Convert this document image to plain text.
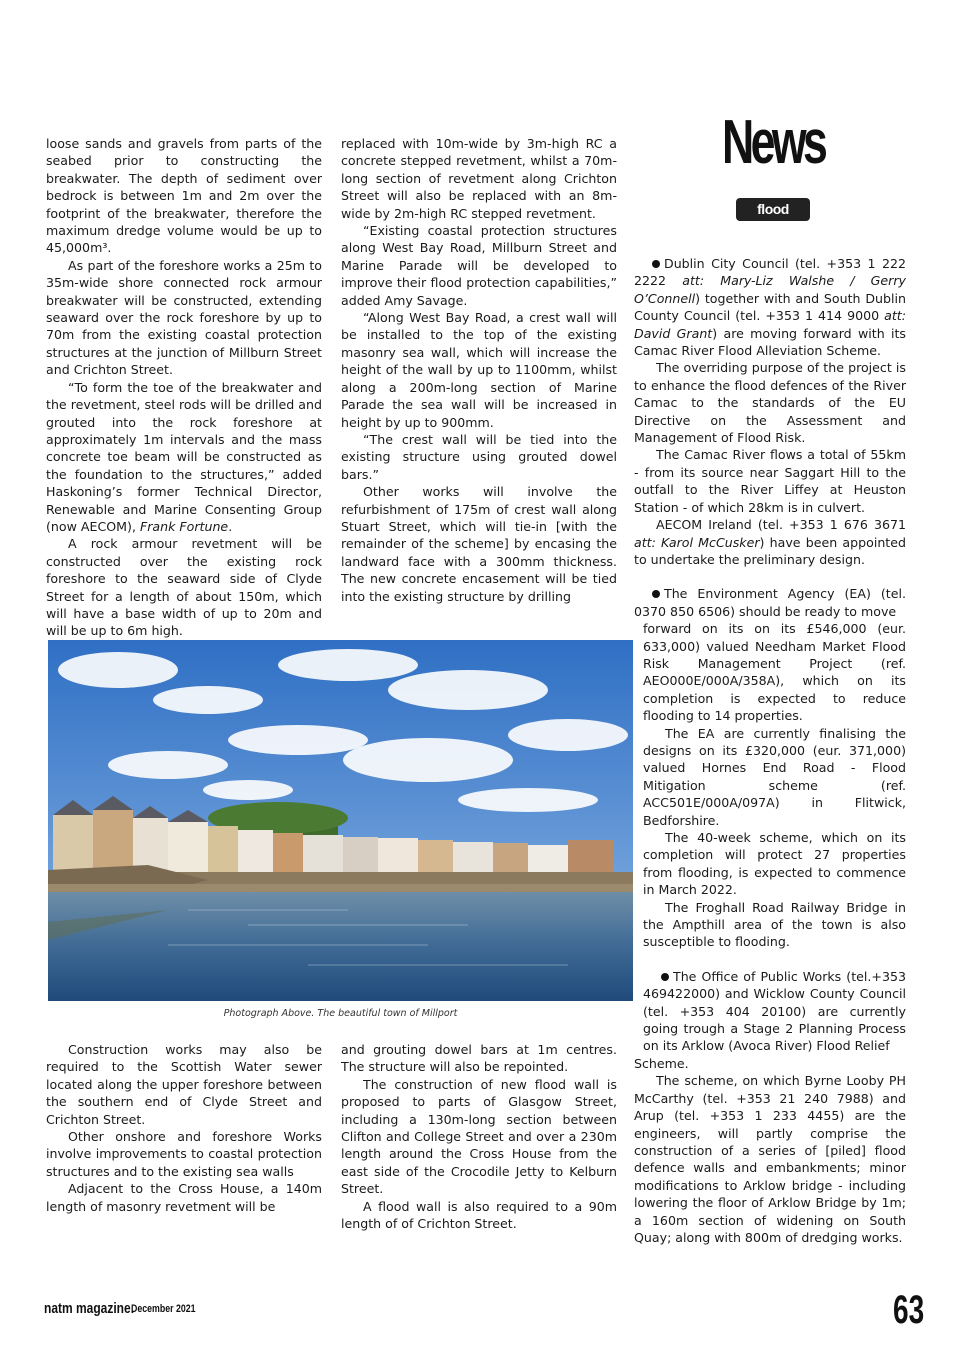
News
flood

loose sands and gravels from parts of the seabed prior to constructing the breakwater. The depth of sediment over bedrock is between 1m and 2m over the footprint of the breakwater, therefore the maximum dredge volume would be up to 45,000m³.

As part of the foreshore works a 25m to 35m-wide shore connected rock armour breakwater will be constructed, extending seaward over the rock foreshore by up to 70m from the existing coastal protection structures at the junction of Millburn Street and Crichton Street.

“To form the toe of the breakwater and the revetment, steel rods will be drilled and grouted into the rock foreshore at approximately 1m intervals and the mass concrete toe beam will be constructed as the foundation to the structures,” added Haskoning’s former Technical Director, Renewable and Marine Consenting Group (now AECOM), Frank Fortune.

A rock armour revetment will be constructed over the existing rock foreshore to the seaward side of Clyde Street for a length of about 150m, which will have a base width of up to 20m and will be up to 6m high.

replaced with 10m-wide by 3m-high RC a concrete stepped revetment, whilst a 70m-long section of revetment along Crichton Street will also be replaced with an 8m-wide by 2m-high RC stepped revetment.

“Existing coastal protection structures along West Bay Road, Millburn Street and Marine Parade will be developed to improve their flood protection capabilities,” added Amy Savage.

“Along West Bay Road, a crest wall will be installed to the top of the existing masonry sea wall, which will increase the height of the wall by up to 1100mm, whilst along a 200m-long section of Marine Parade the sea wall will be increased in height by up to 900mm.

“The crest wall will be tied into the existing structure using grouted dowel bars.”

Other works will involve the refurbishment of 175m of crest wall along Stuart Street, which will tie-in [with the remainder of the scheme] by encasing the landward face with a 300mm thickness. The new concrete encasement will be tied into the existing structure by drilling

Dublin City Council (tel. +353 1 222 2222 att: Mary-Liz Walshe / Gerry O’Connell) together with and South Dublin County Council (tel. +353 1 414 9000 att: David Grant) are moving forward with its Camac River Flood Alleviation Scheme.

The overriding purpose of the project is to enhance the flood defences of the River Camac to the standards of the EU Directive on the Assessment and Management of Flood Risk.

The Camac River flows a total of 55km - from its source near Saggart Hill to the outfall to the River Liffey at Heuston Station - of which 28km is in culvert.

AECOM Ireland (tel. +353 1 676 3671 att: Karol McCusker) have been appointed to undertake the preliminary design.

The Environment Agency (EA) (tel. 0370 850 6506) should be ready to move

forward on its on its £546,000 (eur. 633,000) valued Needham Market Flood Risk Management Project (ref. AEO000E/000A/358A), which on its completion is expected to reduce flooding to 14 properties.

The EA are currently finalising the designs on its £320,000 (eur. 371,000) valued Hornes End Road - Flood Mitigation scheme (ref. ACC501E/000A/097A) in Flitwick, Bedforshire.

The 40-week scheme, which on its completion will protect 27 properties from flooding, is expected to commence in March 2022.

The Froghall Road Railway Bridge in the Ampthill area of the town is also susceptible to flooding.

The Office of Public Works (tel.+353 469422000) and Wicklow County Council (tel. +353 404 20100) are currently going trough a Stage 2 Planning Process on its Arklow (Avoca River) Flood Relief

Scheme.

The scheme, on which Byrne Looby PH McCarthy (tel. +353 21 240 7988) and Arup (tel. +353 1 233 4455) are the engineers, will partly comprise the construction of a series of [piled] flood defence walls and embankments; minor modifications to Arklow bridge - including lowering the floor of Arklow Bridge by 1m; a 160m section of widening on South Quay; along with 800m of dredging works.

Photograph Above. The beautiful town of Millport

Construction works may also be required to the Scottish Water sewer located along the upper foreshore between the southern end of Clyde Street and Crichton Street.

Other onshore and foreshore Works involve improvements to coastal protection structures and to the existing sea walls

Adjacent to the Cross House, a 140m length of masonry revetment will be

and grouting dowel bars at 1m centres. The structure will also be repointed.

The construction of new flood wall is proposed to parts of Glasgow Street, including a 130m-long section between Clifton and College Street and over a 230m length around the Cross House from the east side of the Crocodile Jetty to Kelburn Street.

A flood wall is also required to a 90m length of of Crichton Street.

natm magazine.
December 2021	63
